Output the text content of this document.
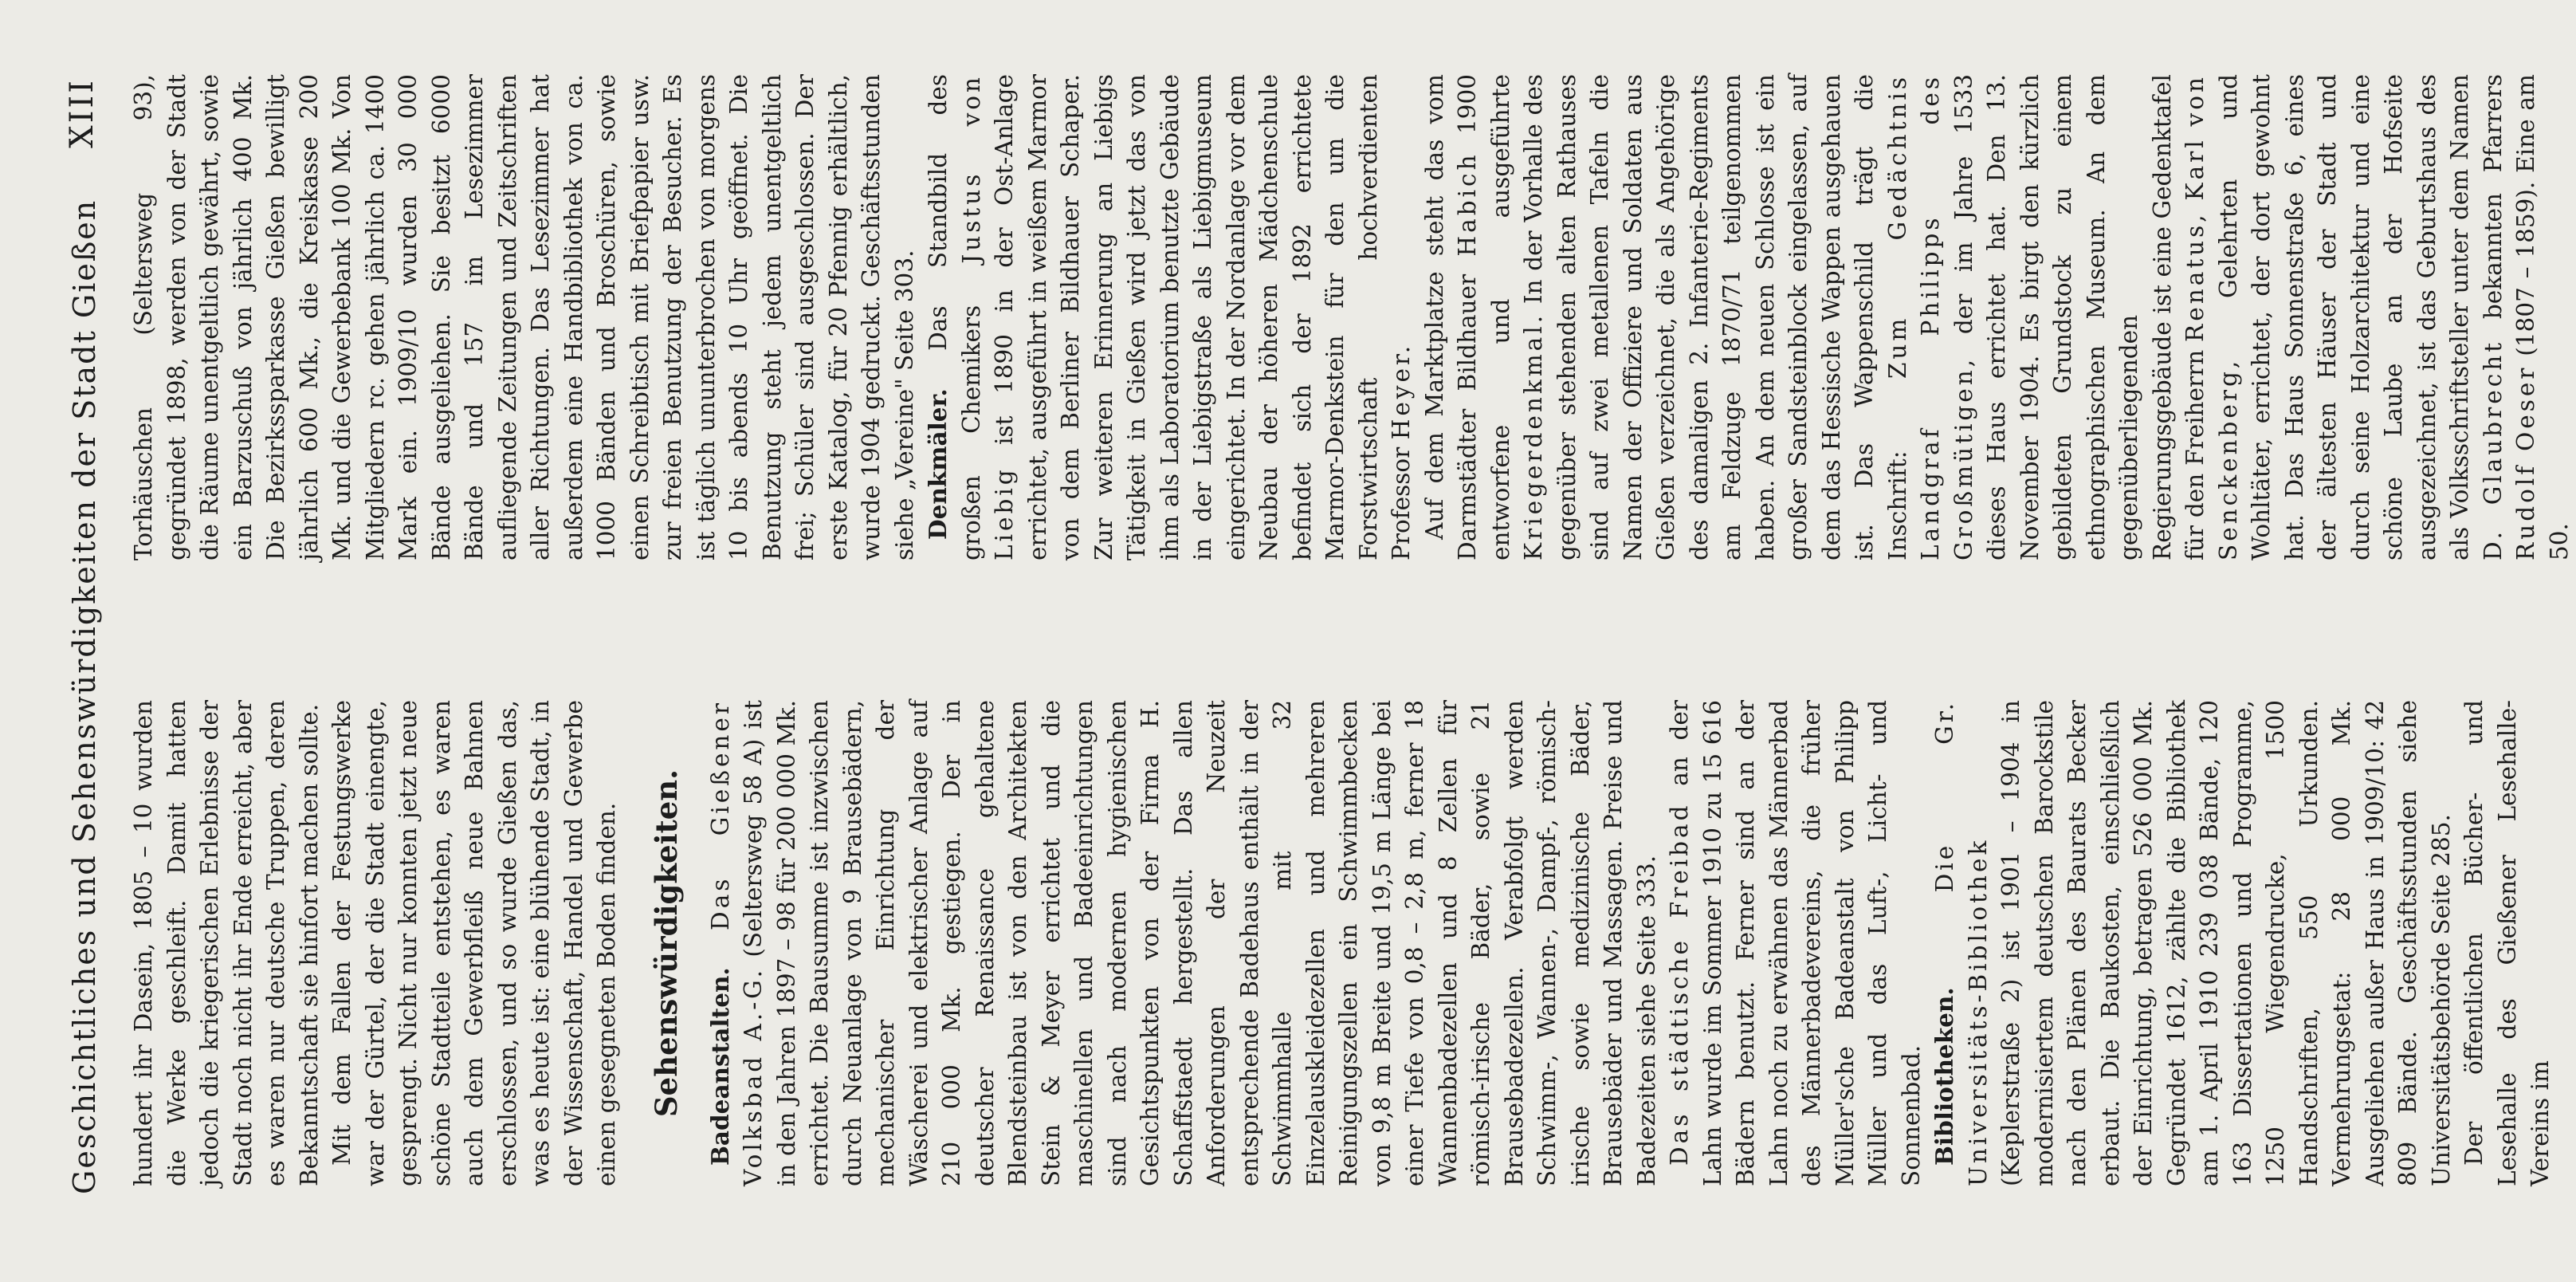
Geschichtliches und Sehenswürdigkeiten der Stadt Gießen
XIII

hundert ihr Dasein, 1805 – 10 wurden die Werke geschleift. Damit hatten jedoch die kriegerischen Erlebnisse der Stadt noch nicht ihr Ende erreicht, aber es waren nur deutsche Truppen, deren Bekanntschaft sie hinfort machen sollte. Mit dem Fallen der Festungswerke war der Gürtel, der die Stadt einengte, gesprengt. Nicht nur konnten jetzt neue schöne Stadtteile entstehen, es waren auch dem Gewerbfleiß neue Bahnen erschlossen, und so wurde Gießen das, was es heute ist: eine blühende Stadt, in der Wissenschaft, Handel und Gewerbe einen gesegneten Boden finden. Sehenswürdigkeiten. Badeanstalten. Das Gießener Volksbad A.-G. (Seltersweg 58 A) ist in den Jahren 1897 – 98 für 200 000 Mk. errichtet. Die Bausumme ist inzwischen durch Neuanlage von 9 Brausebädern, mechanischer Einrichtung der Wäscherei und elektrischer Anlage auf 210 000 Mk. gestiegen. Der in deutscher Renaissance gehaltene Blendsteinbau ist von den Architekten Stein & Meyer errichtet und die maschinellen und Badeeinrichtungen sind nach modernen hygienischen Gesichtspunkten von der Firma H. Schaffstaedt hergestellt. Das allen Anforderungen der Neuzeit entsprechende Badehaus enthält in der Schwimmhalle mit 32 Einzelauskleidezellen und mehreren Reinigungszellen ein Schwimmbecken von 9,8 m Breite und 19,5 m Länge bei einer Tiefe von 0,8 – 2,8 m, ferner 18 Wannenbadezellen und 8 Zellen für römisch-irische Bäder, sowie 21 Brausebadezellen. Verabfolgt werden Schwimm-, Wannen-, Dampf-, römisch-irische sowie medizinische Bäder, Brausebäder und Massagen. Preise und Badezeiten siehe Seite 333. Das städtische Freibad an der Lahn wurde im Sommer 1910 zu 15 616 Bädern benutzt. Ferner sind an der Lahn noch zu erwähnen das Männerbad des Männerbadevereins, die früher Müller'sche Badeanstalt von Philipp Müller und das Luft-, Licht- und Sonnenbad. Bibliotheken. Die Gr. Universitäts-Bibliothek (Keplerstraße 2) ist 1901 – 1904 in modernisiertem deutschen Barockstile nach den Plänen des Baurats Becker erbaut. Die Baukosten, einschließlich der Einrichtung, betragen 526 000 Mk. Gegründet 1612, zählte die Bibliothek am 1. April 1910 239 038 Bände, 120 163 Dissertationen und Programme, 1250 Wiegendrucke, 1500 Handschriften, 550 Urkunden. Vermehrungsetat: 28 000 Mk. Ausgeliehen außer Haus in 1909/10: 42 809 Bände. Geschäftsstunden siehe Universitätsbehörde Seite 285. Der öffentlichen Bücher- und Lesehalle des Gießener Lesehalle-Vereins im

Torhäuschen (Seltersweg 93), gegründet 1898, werden von der Stadt die Räume unentgeltlich gewährt, sowie ein Barzuschuß von jährlich 400 Mk. Die Bezirkssparkasse Gießen bewilligt jährlich 600 Mk., die Kreiskasse 200 Mk. und die Gewerbebank 100 Mk. Von Mitgliedern rc. gehen jährlich ca. 1400 Mark ein. 1909/10 wurden 30 000 Bände ausgeliehen. Sie besitzt 6000 Bände und 157 im Lesezimmer aufliegende Zeitungen und Zeitschriften aller Richtungen. Das Lesezimmer hat außerdem eine Handbibliothek von ca. 1000 Bänden und Broschüren, sowie einen Schreibtisch mit Briefpapier usw. zur freien Benutzung der Besucher. Es ist täglich ununterbrochen von morgens 10 bis abends 10 Uhr geöffnet. Die Benutzung steht jedem unentgeltlich frei; Schüler sind ausgeschlossen. Der erste Katalog, für 20 Pfennig erhältlich, wurde 1904 gedruckt. Geschäftsstunden siehe „Vereine" Seite 303. Denkmäler. Das Standbild des großen Chemikers Justus von Liebig ist 1890 in der Ost-Anlage errichtet, ausgeführt in weißem Marmor von dem Berliner Bildhauer Schaper. Zur weiteren Erinnerung an Liebigs Tätigkeit in Gießen wird jetzt das von ihm als Laboratorium benutzte Gebäude in der Liebigstraße als Liebigmuseum eingerichtet. In der Nordanlage vor dem Neubau der höheren Mädchenschule befindet sich der 1892 errichtete Marmor-Denkstein für den um die Forstwirtschaft hochverdienten Professor Heyer. Auf dem Marktplatze steht das vom Darmstädter Bildhauer Habich 1900 entworfene und ausgeführte Kriegerdenkmal. In der Vorhalle des gegenüber stehenden alten Rathauses sind auf zwei metallenen Tafeln die Namen der Offiziere und Soldaten aus Gießen verzeichnet, die als Angehörige des damaligen 2. Infanterie-Regiments am Feldzuge 1870/71 teilgenommen haben. An dem neuen Schlosse ist ein großer Sandsteinblock eingelassen, auf dem das Hessische Wappen ausgehauen ist. Das Wappenschild trägt die Inschrift: Zum Gedächtnis Landgraf Philipps des Großmütigen, der im Jahre 1533 dieses Haus errichtet hat. Den 13. November 1904. Es birgt den kürzlich gebildeten Grundstock zu einem ethnographischen Museum. An dem gegenüberliegenden Regierungsgebäude ist eine Gedenktafel für den Freiherrn Renatus, Karl von Senckenberg, Gelehrten und Wohltäter, errichtet, der dort gewohnt hat. Das Haus Sonnenstraße 6, eines der ältesten Häuser der Stadt und durch seine Holzarchitektur und eine schöne Laube an der Hofseite ausgezeichnet, ist das Geburtshaus des als Volksschriftsteller unter dem Namen D. Glaubrecht bekannten Pfarrers Rudolf Oeser (1807 – 1859). Eine am 50.
